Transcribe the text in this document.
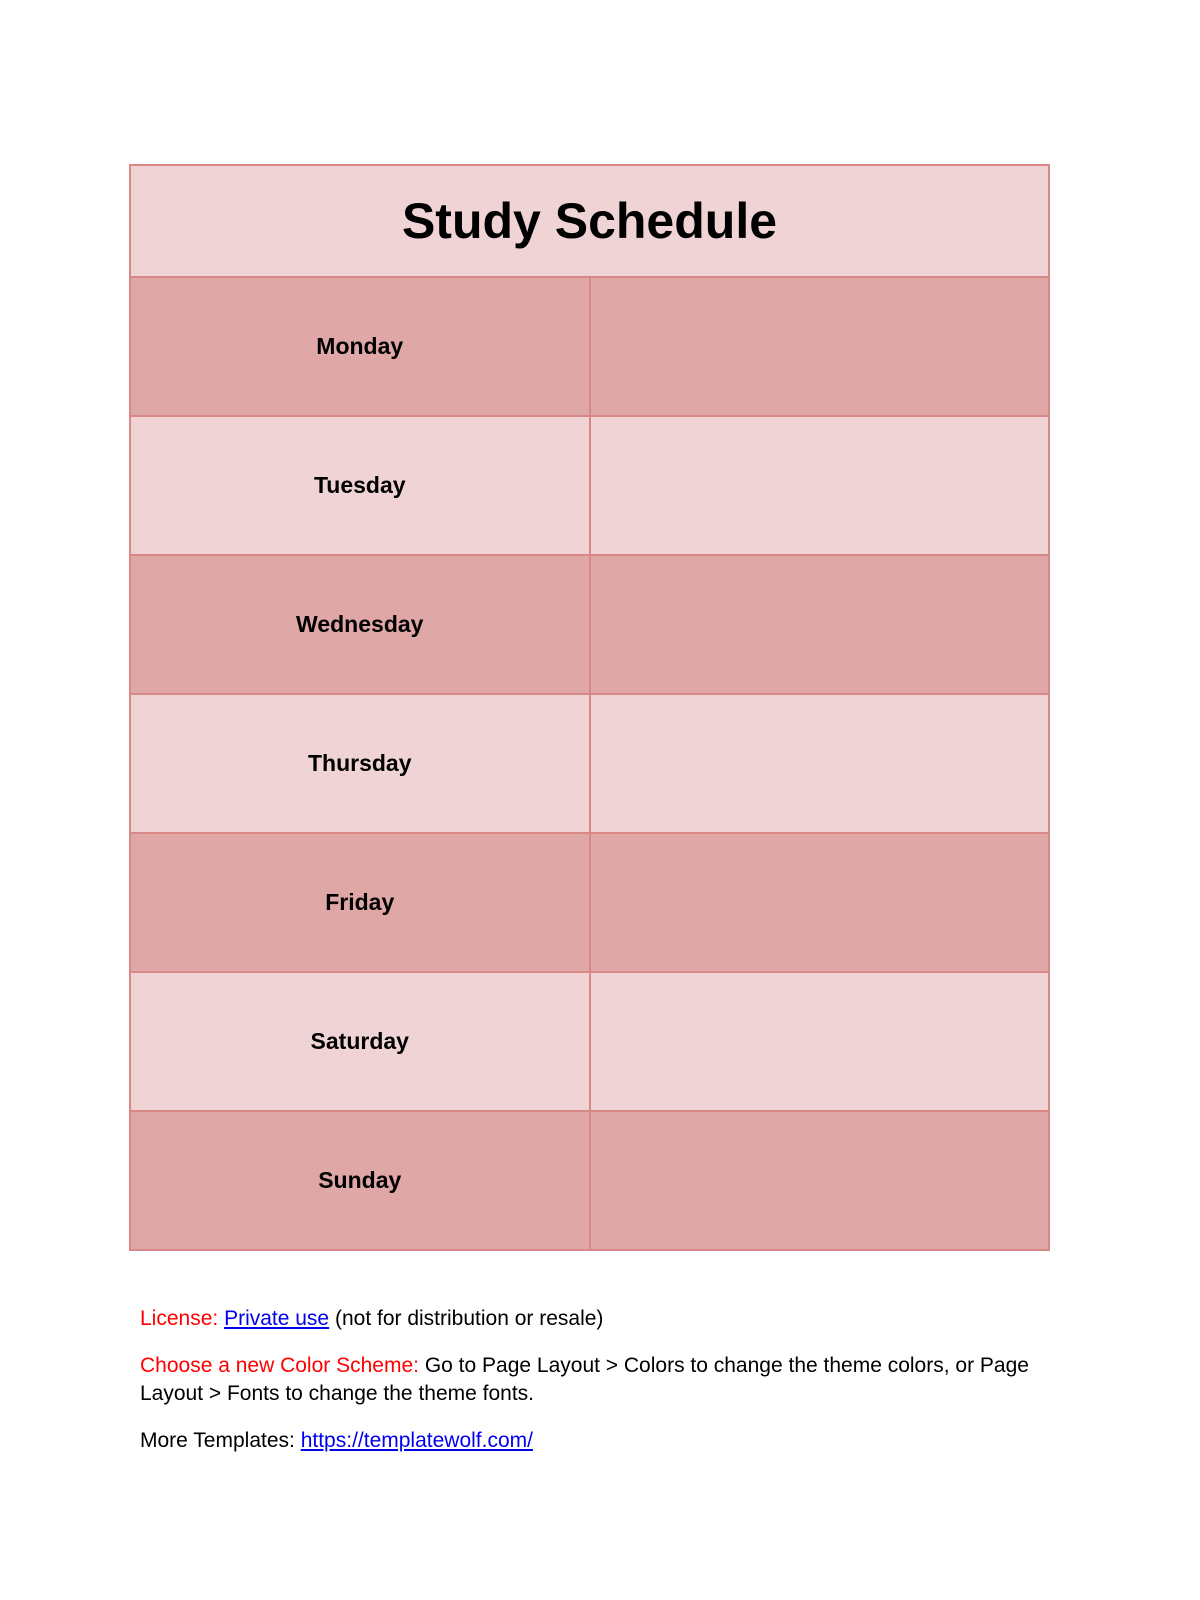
Study Schedule	
Monday	
Tuesday	
Wednesday	
Thursday	
Friday	
Saturday	
Sunday	

License: Private use (not for distribution or resale)

Choose a new Color Scheme: Go to Page Layout > Colors to change the theme colors, or Page Layout > Fonts to change the theme fonts.

More Templates: https://templatewolf.com/
